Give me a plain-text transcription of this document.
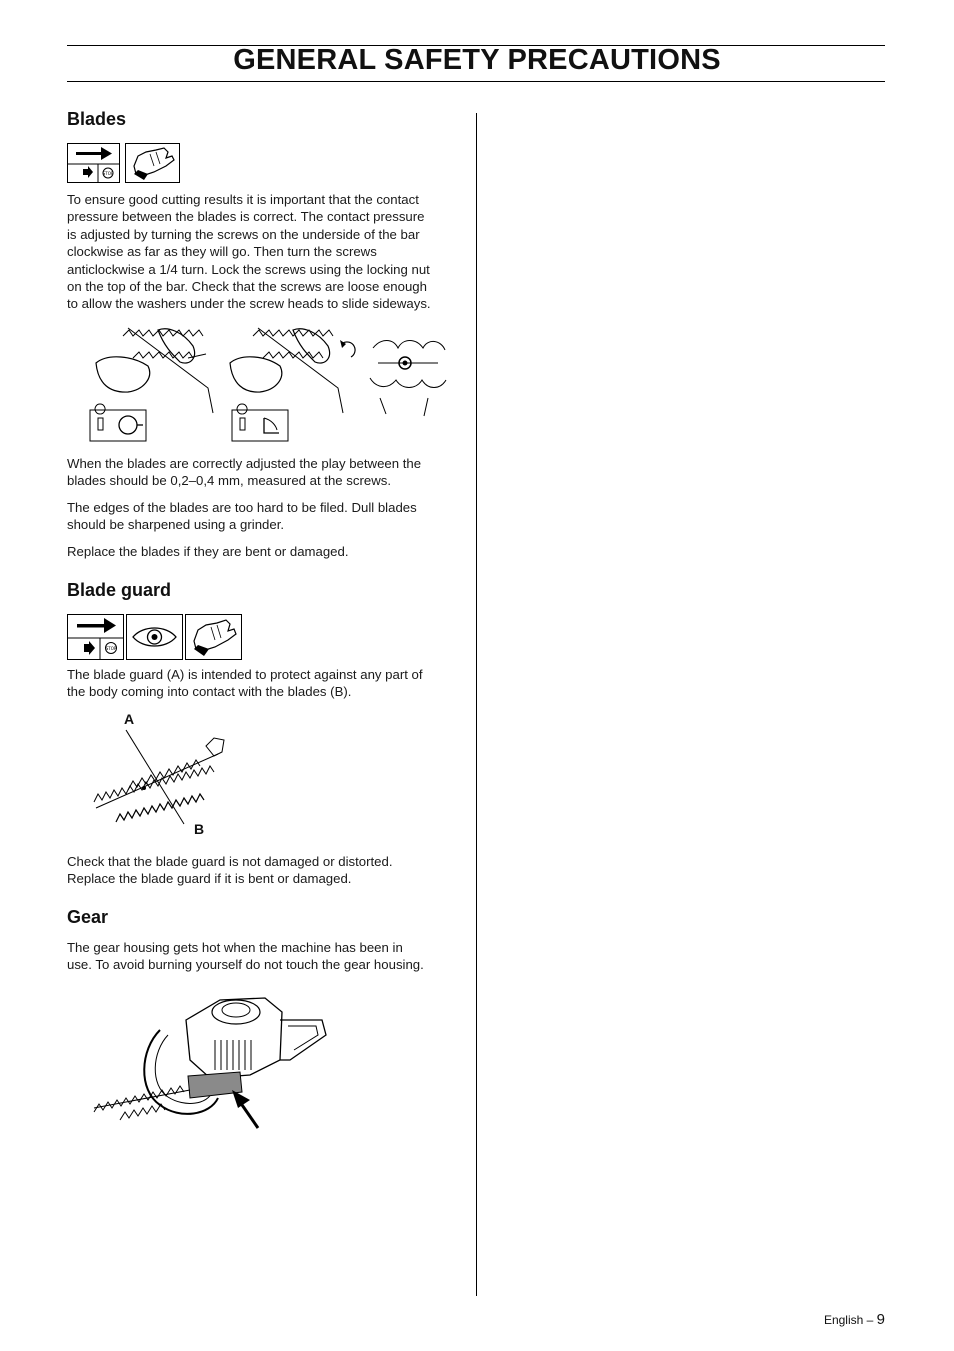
GENERAL SAFETY PRECAUTIONS
Blades
STOP

To ensure good cutting results it is important that the contact
pressure between the blades is correct. The contact pressure
is adjusted by turning the screws on the underside of the bar
clockwise as far as they will go. Then turn the screws
anticlockwise a 1/4 turn. Lock the screws using the locking nut
on the top of the bar. Check that the screws are loose enough
to allow the washers under the screw heads to slide sideways.

When the blades are correctly adjusted the play between the
blades should be 0,2–0,4 mm, measured at the screws.

The edges of the blades are too hard to be filed. Dull blades
should be sharpened using a grinder.

Replace the blades if they are bent or damaged.

Blade guard
STOP

The blade guard (A) is intended to protect against any part of
the body coming into contact with the blades (B).

A
B

Check that the blade guard is not damaged or distorted.
Replace the blade guard if it is bent or damaged.

Gear

The gear housing gets hot when the machine has been in
use. To avoid burning yourself do not touch the gear housing.

English – 9
